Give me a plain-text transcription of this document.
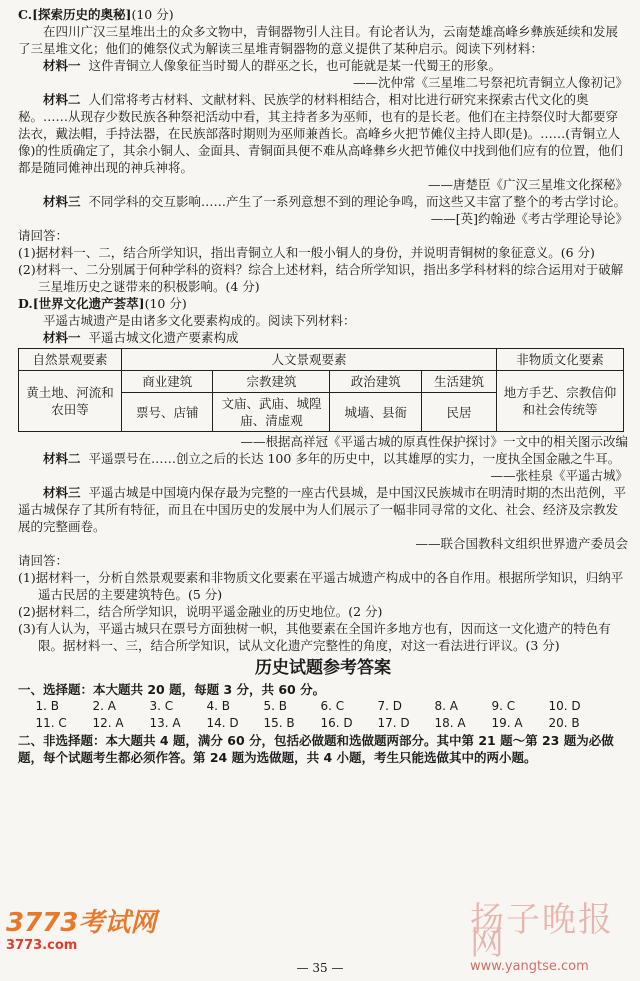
C.[探索历史的奥秘](10 分)

在四川广汉三星堆出土的众多文物中，青铜器物引人注目。有论者认为，云南楚雄高峰乡彝族延续和发展了三星堆文化；他们的傩祭仪式为解读三星堆青铜器物的意义提供了某种启示。阅读下列材料：

材料一 这件青铜立人像象征当时蜀人的群巫之长，也可能就是某一代蜀王的形象。

——沈仲常《三星堆二号祭祀坑青铜立人像初记》

材料二 人们常将考古材料、文献材料、民族学的材料相结合，相对比进行研究来探索古代文化的奥秘。……从现存少数民族各种祭祀活动中看，其主持者多为巫师，也有的是长老。他们在主持祭仪时大都要穿法衣，戴法帽，手持法器，在民族部落时期则为巫师兼酋长。高峰乡火把节傩仪主持人即(是)。……(青铜立人像)的性质确定了，其余小铜人、金面具、青铜面具便不难从高峰彝乡火把节傩仪中找到他们应有的位置，他们都是随同傩神出现的神兵神将。

——唐楚臣《广汉三星堆文化探秘》

材料三 不同学科的交互影响……产生了一系列意想不到的理论争鸣，而这些又丰富了整个的考古学讨论。

——[英]约翰逊《考古学理论导论》

请回答：

(1)据材料一、二，结合所学知识，指出青铜立人和一般小铜人的身份，并说明青铜树的象征意义。(6 分)

(2)材料一、二分别属于何种学科的资料？综合上述材料，结合所学知识，指出多学科材料的综合运用对于破解三星堆历史之谜带来的积极影响。(4 分)

D.[世界文化遗产荟萃](10 分)

平遥古城遗产是由诸多文化要素构成的。阅读下列材料：

材料一 平遥古城文化遗产要素构成

自然景观要素	人文景观要素				非物质文化要素
黄土地、河流和农田等	商业建筑	宗教建筑	政治建筑	生活建筑	地方手艺、宗教信仰和社会传统等
	票号、店铺	文庙、武庙、城隍庙、清虚观	城墙、县衙	民居	

——根据高祥冠《平遥古城的原真性保护探讨》一文中的相关图示改编

材料二 平遥票号在……创立之后的长达 100 多年的历史中，以其雄厚的实力，一度执全国金融之牛耳。

——张桂泉《平遥古城》

材料三 平遥古城是中国境内保存最为完整的一座古代县城，是中国汉民族城市在明清时期的杰出范例，平遥古城保存了其所有特征，而且在中国历史的发展中为人们展示了一幅非同寻常的文化、社会、经济及宗教发展的完整画卷。

——联合国教科文组织世界遗产委员会

请回答：

(1)据材料一，分析自然景观要素和非物质文化要素在平遥古城遗产构成中的各自作用。根据所学知识，归纳平遥古民居的主要建筑特色。(5 分)

(2)据材料二，结合所学知识，说明平遥金融业的历史地位。(2 分)

(3)有人认为，平遥古城只在票号方面独树一帜，其他要素在全国许多地方也有，因而这一文化遗产的特色有限。据材料一、三，结合所学知识，试从文化遗产完整性的角度，对这一看法进行评议。(3 分)

历史试题参考答案

一、选择题：本大题共 20 题，每题 3 分，共 60 分。

1. B	2. A	3. C	4. B	5. B	6. C	7. D	8. A	9. C	10. D
11. C	12. A	13. A	14. D	15. B	16. D	17. D	18. A	19. A	20. B

二、非选择题：本大题共 4 题，满分 60 分，包括必做题和选做题两部分。其中第 21 题～第 23 题为必做题，每个试题考生都必须作答。第 24 题为选做题，共 4 小题，考生只能选做其中的两小题。

3773考试网
3773.com
扬子晚报网
www.yangtse.com
— 35 —
